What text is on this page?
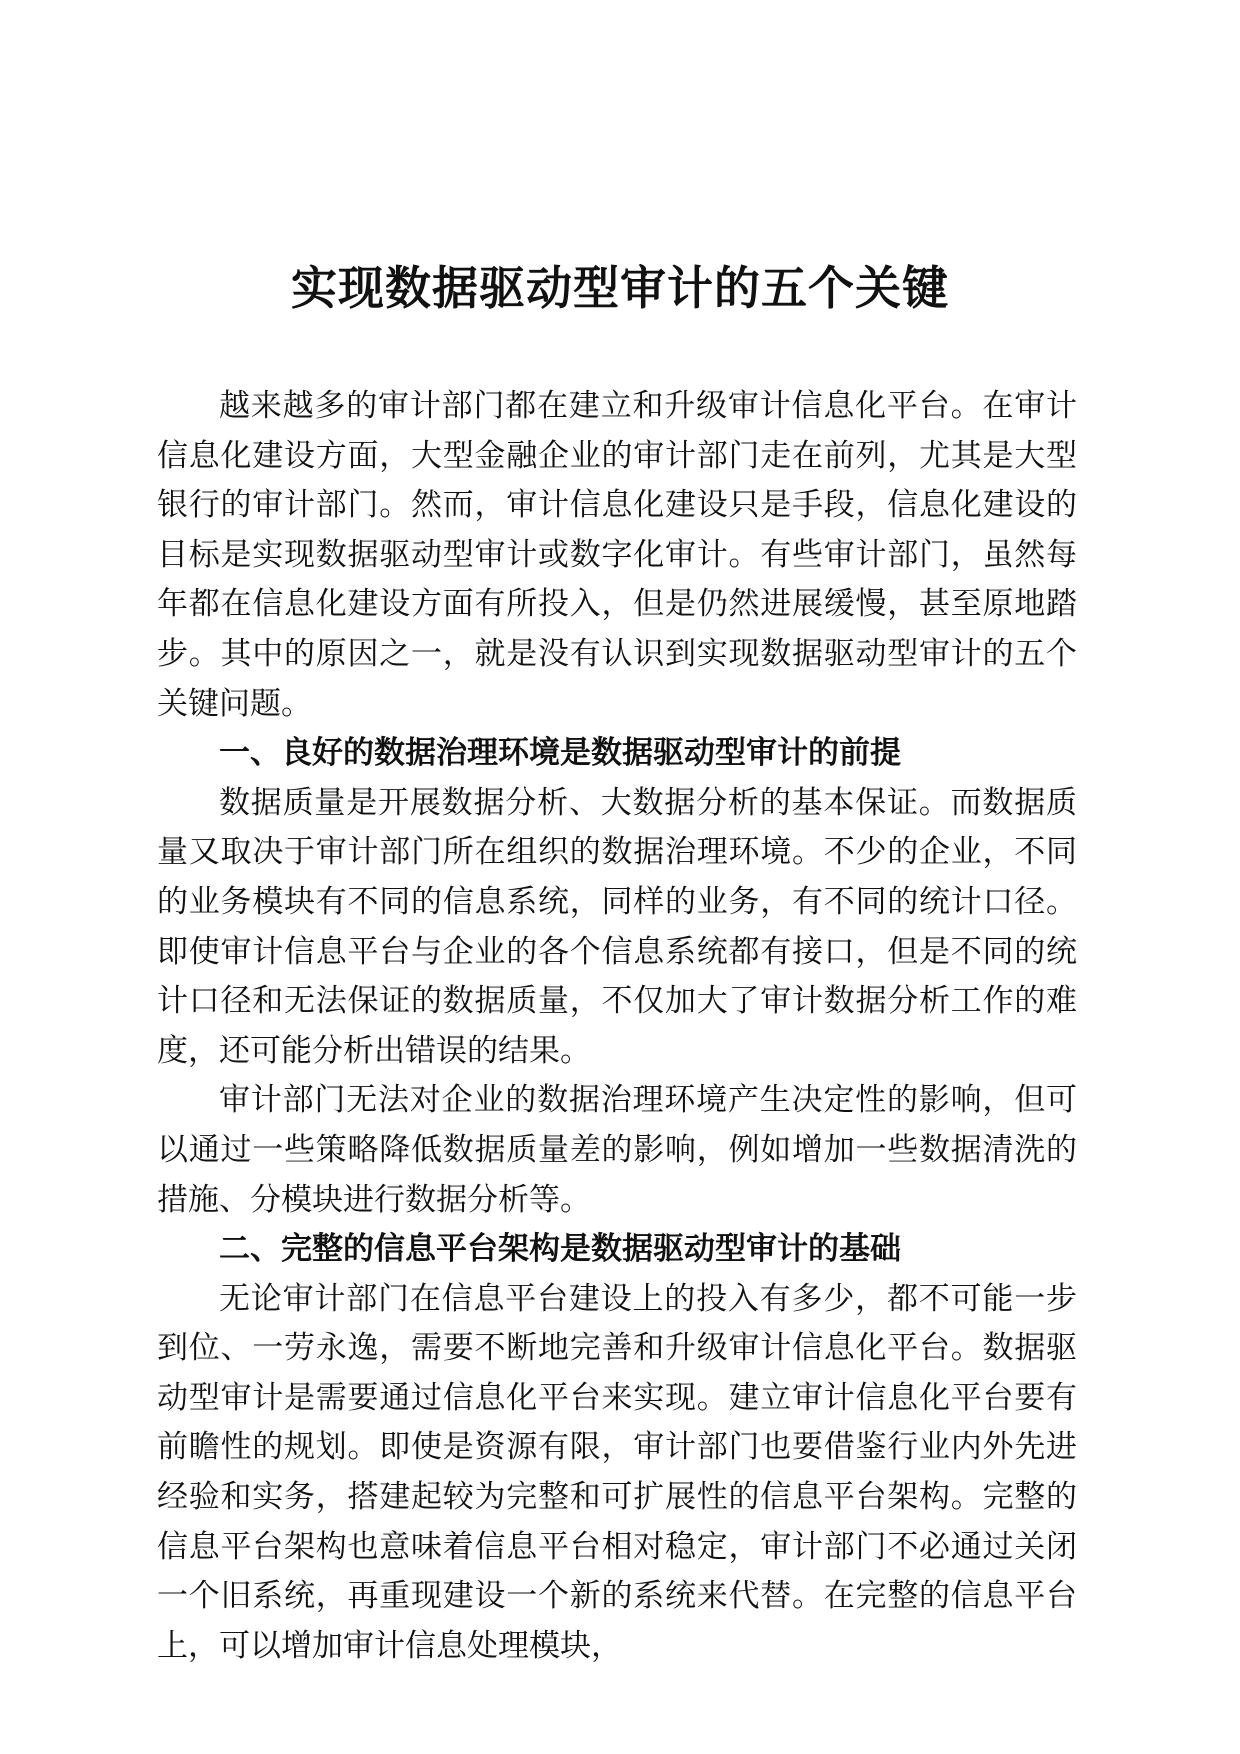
实现数据驱动型审计的五个关键

越来越多的审计部门都在建立和升级审计信息化平台。在审计信息化建设方面，大型金融企业的审计部门走在前列，尤其是大型银行的审计部门。然而，审计信息化建设只是手段，信息化建设的目标是实现数据驱动型审计或数字化审计。有些审计部门，虽然每年都在信息化建设方面有所投入，但是仍然进展缓慢，甚至原地踏步。其中的原因之一，就是没有认识到实现数据驱动型审计的五个关键问题。

一、良好的数据治理环境是数据驱动型审计的前提

数据质量是开展数据分析、大数据分析的基本保证。而数据质量又取决于审计部门所在组织的数据治理环境。不少的企业，不同的业务模块有不同的信息系统，同样的业务，有不同的统计口径。即使审计信息平台与企业的各个信息系统都有接口，但是不同的统计口径和无法保证的数据质量，不仅加大了审计数据分析工作的难度，还可能分析出错误的结果。

审计部门无法对企业的数据治理环境产生决定性的影响，但可以通过一些策略降低数据质量差的影响，例如增加一些数据清洗的措施、分模块进行数据分析等。

二、完整的信息平台架构是数据驱动型审计的基础

无论审计部门在信息平台建设上的投入有多少，都不可能一步到位、一劳永逸，需要不断地完善和升级审计信息化平台。数据驱动型审计是需要通过信息化平台来实现。建立审计信息化平台要有前瞻性的规划。即使是资源有限，审计部门也要借鉴行业内外先进经验和实务，搭建起较为完整和可扩展性的信息平台架构。完整的信息平台架构也意味着信息平台相对稳定，审计部门不必通过关闭一个旧系统，再重现建设一个新的系统来代替。在完整的信息平台上，可以增加审计信息处理模块，
